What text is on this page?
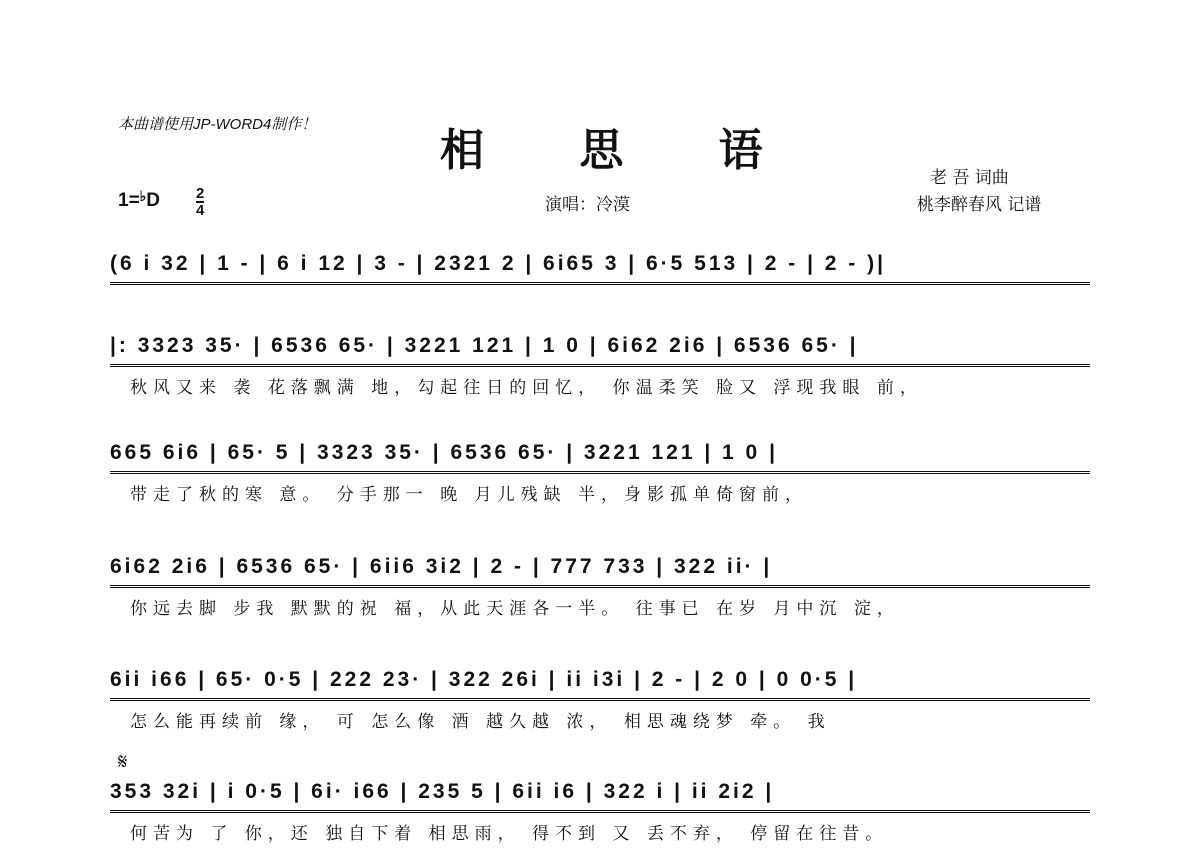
本曲谱使用JP-WORD4制作！
相 思 语
老 吾 词曲
演唱：冷漠	桃李醉春风 记谱
$1=^♭D \frac{2}{4}$
(6 i 32 | 1 - | 6 i 12 | 3 - | 2321 2 | 6i65 3 | 6·5 513 | 2 - | 2 - )|
|: 3323 35· | 6536 65· | 3221 121 | 1 0 | 6i62 2i6 | 6536 65· |
秋风又来 袭 花落飘满 地，勾起往日的回忆， 你温柔笑 脸又 浮现我眼 前，
665 6i6 | 65· 5 | 3323 35· | 6536 65· | 3221 121 | 1 0 |
带走了秋的寒 意。 分手那一 晚 月儿残缺 半，身影孤单倚窗前，
6i62 2i6 | 6536 65· | 6ii6 3i2 | 2 - | 777 733 | 322 ii· |
你远去脚 步我 默默的祝 福，从此天涯各一半。 往事已 在岁 月中沉 淀，
6ii i66 | 65· 0·5 | 222 23· | 322 26i | ii i3i | 2 - | 2 0 | 0 0·5 |
怎么能再续前 缘， 可 怎么像 酒 越久越 浓， 相思魂绕梦 牵。 我
𝄋
353 32i | i 0·5 | 6i· i66 | 235 5 | 6ii i6 | 322 i | ii 2i2 |
何苦为 了 你，还 独自下着 相思雨， 得不到 又 丢不弃， 停留在往昔。
